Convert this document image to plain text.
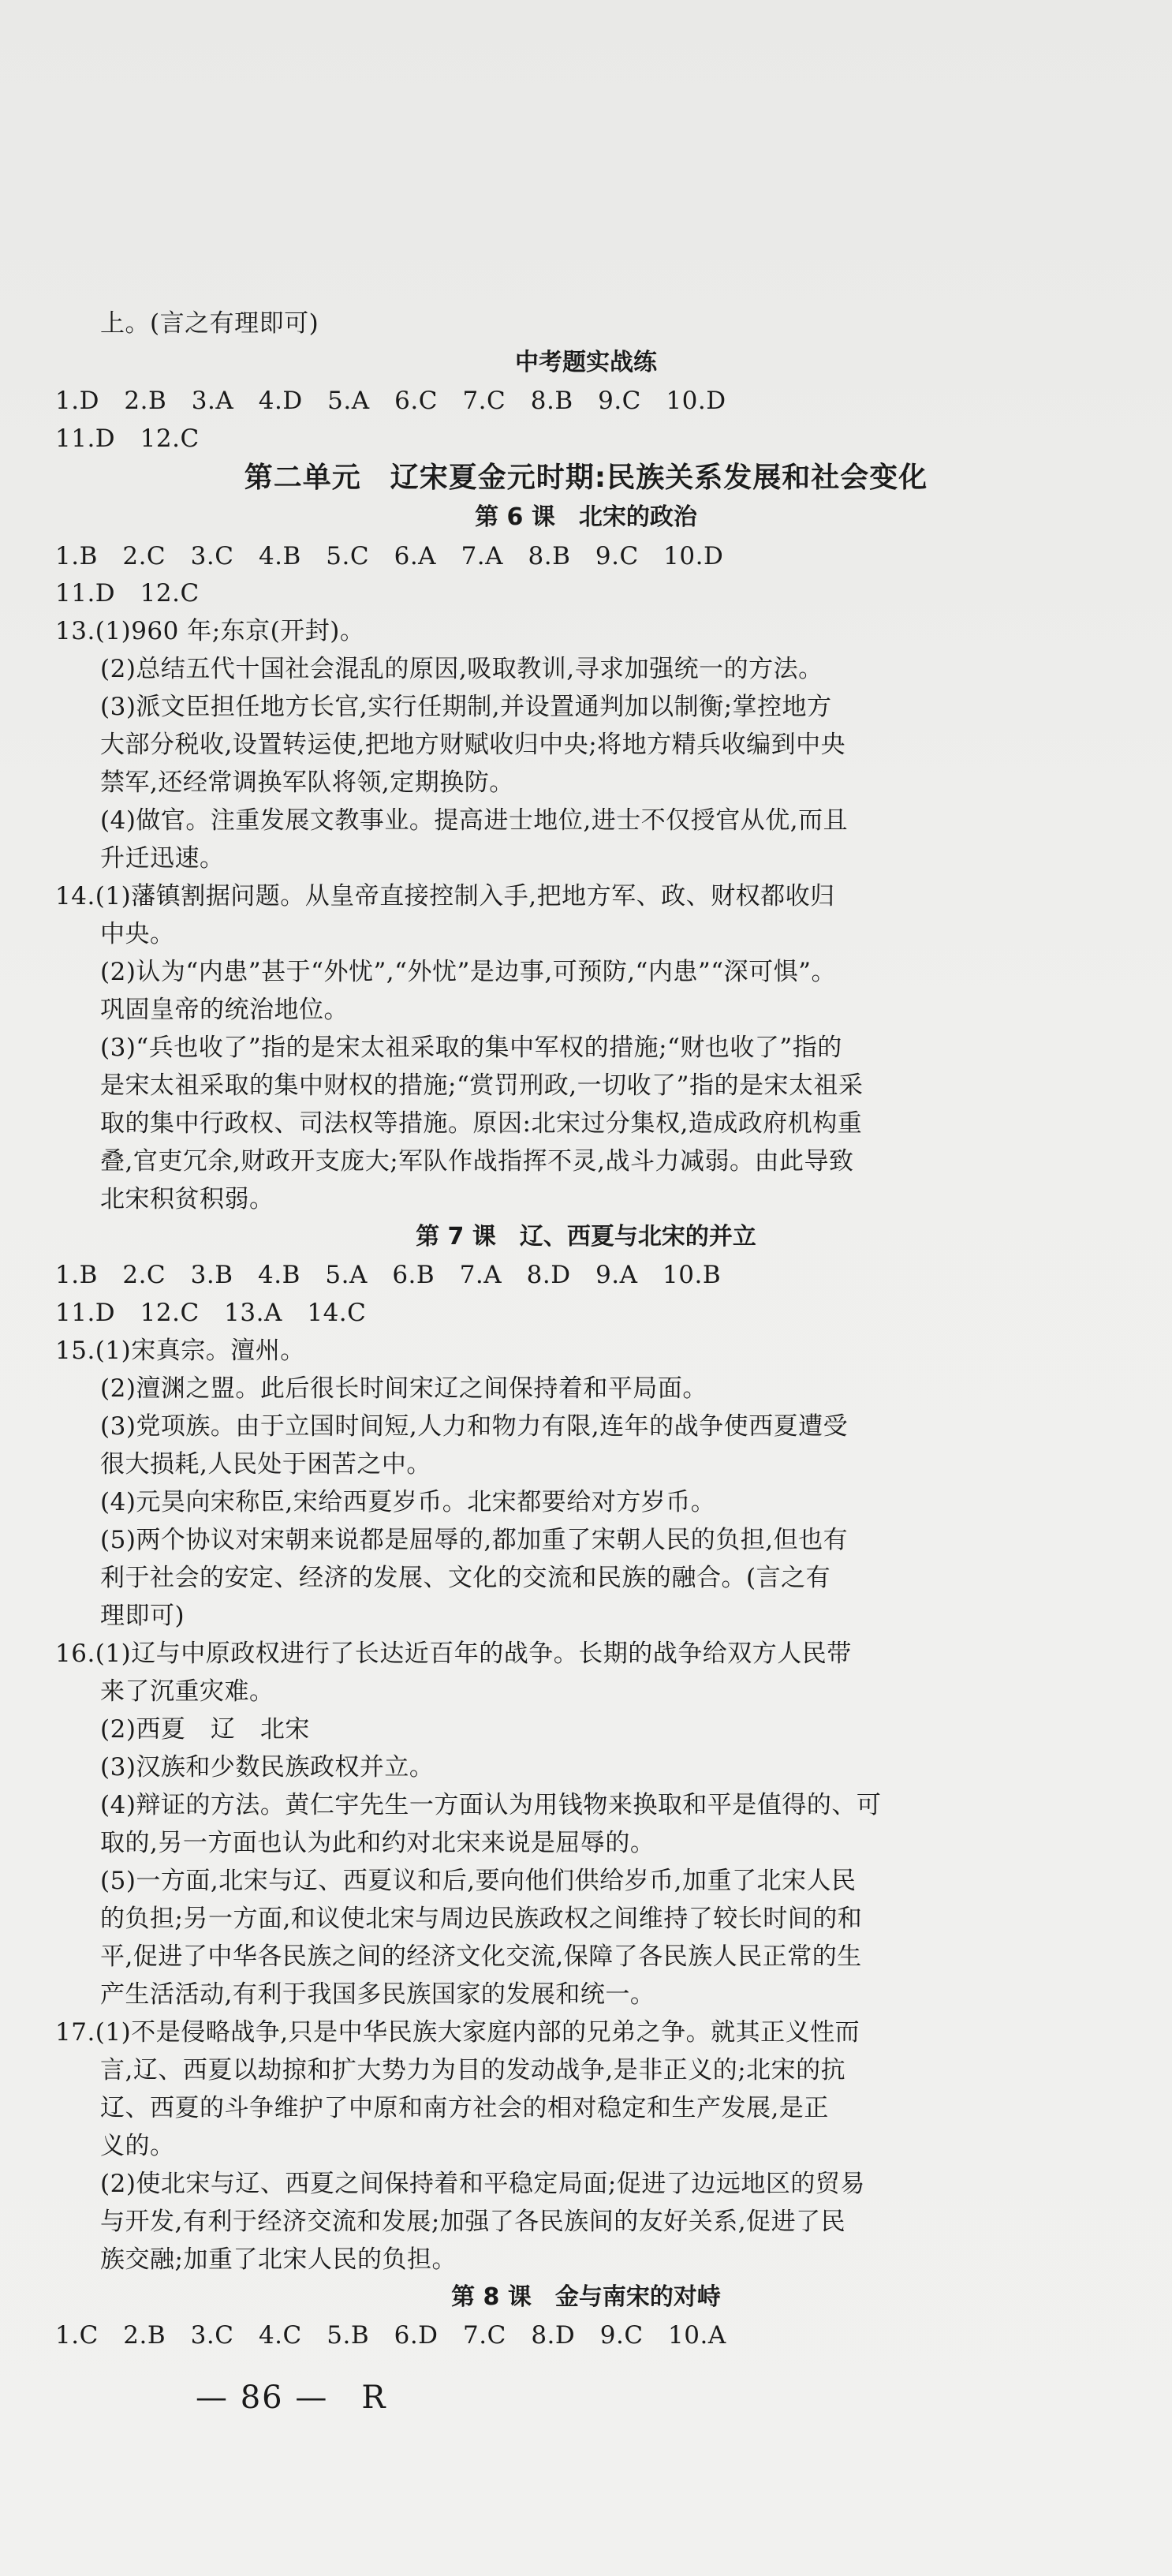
上。(言之有理即可)
中考题实战练
1.D　2.B　3.A　4.D　5.A　6.C　7.C　8.B　9.C　10.D
11.D　12.C
第二单元　辽宋夏金元时期:民族关系发展和社会变化
第 6 课　北宋的政治
1.B　2.C　3.C　4.B　5.C　6.A　7.A　8.B　9.C　10.D
11.D　12.C
13.(1)960 年;东京(开封)。
(2)总结五代十国社会混乱的原因,吸取教训,寻求加强统一的方法。
(3)派文臣担任地方长官,实行任期制,并设置通判加以制衡;掌控地方
大部分税收,设置转运使,把地方财赋收归中央;将地方精兵收编到中央
禁军,还经常调换军队将领,定期换防。
(4)做官。注重发展文教事业。提高进士地位,进士不仅授官从优,而且
升迁迅速。
14.(1)藩镇割据问题。从皇帝直接控制入手,把地方军、政、财权都收归
中央。
(2)认为“内患”甚于“外忧”,“外忧”是边事,可预防,“内患”“深可惧”。
巩固皇帝的统治地位。
(3)“兵也收了”指的是宋太祖采取的集中军权的措施;“财也收了”指的
是宋太祖采取的集中财权的措施;“赏罚刑政,一切收了”指的是宋太祖采
取的集中行政权、司法权等措施。原因:北宋过分集权,造成政府机构重
叠,官吏冗余,财政开支庞大;军队作战指挥不灵,战斗力减弱。由此导致
北宋积贫积弱。
第 7 课　辽、西夏与北宋的并立
1.B　2.C　3.B　4.B　5.A　6.B　7.A　8.D　9.A　10.B
11.D　12.C　13.A　14.C
15.(1)宋真宗。澶州。
(2)澶渊之盟。此后很长时间宋辽之间保持着和平局面。
(3)党项族。由于立国时间短,人力和物力有限,连年的战争使西夏遭受
很大损耗,人民处于困苦之中。
(4)元昊向宋称臣,宋给西夏岁币。北宋都要给对方岁币。
(5)两个协议对宋朝来说都是屈辱的,都加重了宋朝人民的负担,但也有
利于社会的安定、经济的发展、文化的交流和民族的融合。(言之有
理即可)
16.(1)辽与中原政权进行了长达近百年的战争。长期的战争给双方人民带
来了沉重灾难。
(2)西夏　辽　北宋
(3)汉族和少数民族政权并立。
(4)辩证的方法。黄仁宇先生一方面认为用钱物来换取和平是值得的、可
取的,另一方面也认为此和约对北宋来说是屈辱的。
(5)一方面,北宋与辽、西夏议和后,要向他们供给岁币,加重了北宋人民
的负担;另一方面,和议使北宋与周边民族政权之间维持了较长时间的和
平,促进了中华各民族之间的经济文化交流,保障了各民族人民正常的生
产生活活动,有利于我国多民族国家的发展和统一。
17.(1)不是侵略战争,只是中华民族大家庭内部的兄弟之争。就其正义性而
言,辽、西夏以劫掠和扩大势力为目的发动战争,是非正义的;北宋的抗
辽、西夏的斗争维护了中原和南方社会的相对稳定和生产发展,是正
义的。
(2)使北宋与辽、西夏之间保持着和平稳定局面;促进了边远地区的贸易
与开发,有利于经济交流和发展;加强了各民族间的友好关系,促进了民
族交融;加重了北宋人民的负担。
第 8 课　金与南宋的对峙
1.C　2.B　3.C　4.C　5.B　6.D　7.C　8.D　9.C　10.A
— 86 —　R
